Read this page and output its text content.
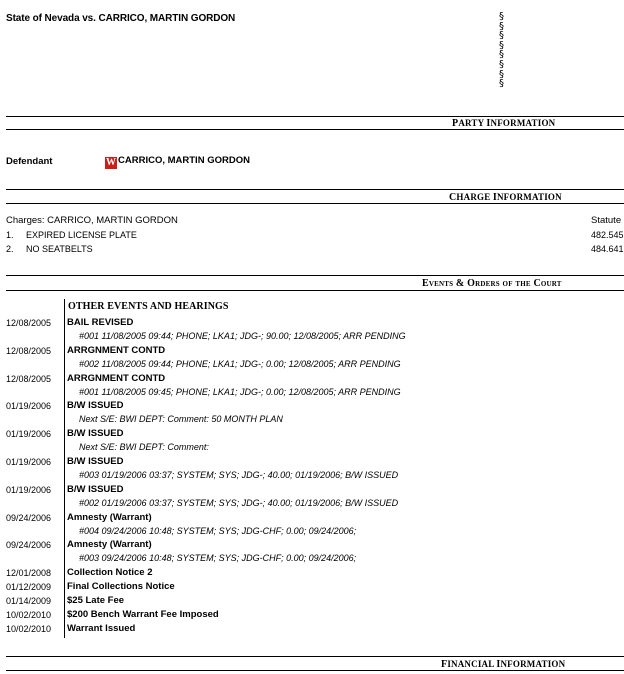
State of Nevada vs. CARRICO, MARTIN GORDON	§
§
§
§
§
§
§
§
PARTY INFORMATION
Defendant	W CARRICO, MARTIN GORDON
CHARGE INFORMATION
Charges: CARRICO, MARTIN GORDON	Statute
1. EXPIRED LICENSE PLATE	482.545
2. NO SEATBELTS	484.641
Events & Orders of the Court
OTHER EVENTS AND HEARINGS
12/08/2005	BAIL REVISED
#001 11/08/2005 09:44; PHONE; LKA1; JDG-; 90.00; 12/08/2005; ARR PENDING
12/08/2005	ARRGNMENT CONTD
#002 11/08/2005 09:44; PHONE; LKA1; JDG-; 0.00; 12/08/2005; ARR PENDING
12/08/2005	ARRGNMENT CONTD
#001 11/08/2005 09:45; PHONE; LKA1; JDG-; 0.00; 12/08/2005; ARR PENDING
01/19/2006	B/W ISSUED
Next S/E: BWI DEPT: Comment: 50 MONTH PLAN
01/19/2006	B/W ISSUED
Next S/E: BWI DEPT: Comment:
01/19/2006	B/W ISSUED
#003 01/19/2006 03:37; SYSTEM; SYS; JDG-; 40.00; 01/19/2006; B/W ISSUED
01/19/2006	B/W ISSUED
#002 01/19/2006 03:37; SYSTEM; SYS; JDG-; 40.00; 01/19/2006; B/W ISSUED
09/24/2006	Amnesty (Warrant)
#004 09/24/2006 10:48; SYSTEM; SYS; JDG-CHF; 0.00; 09/24/2006;
09/24/2006	Amnesty (Warrant)
#003 09/24/2006 10:48; SYSTEM; SYS; JDG-CHF; 0.00; 09/24/2006;
12/01/2008	Collection Notice 2
01/12/2009	Final Collections Notice
01/14/2009	$25 Late Fee
10/02/2010	$200 Bench Warrant Fee Imposed
10/02/2010	Warrant Issued
FINANCIAL INFORMATION
